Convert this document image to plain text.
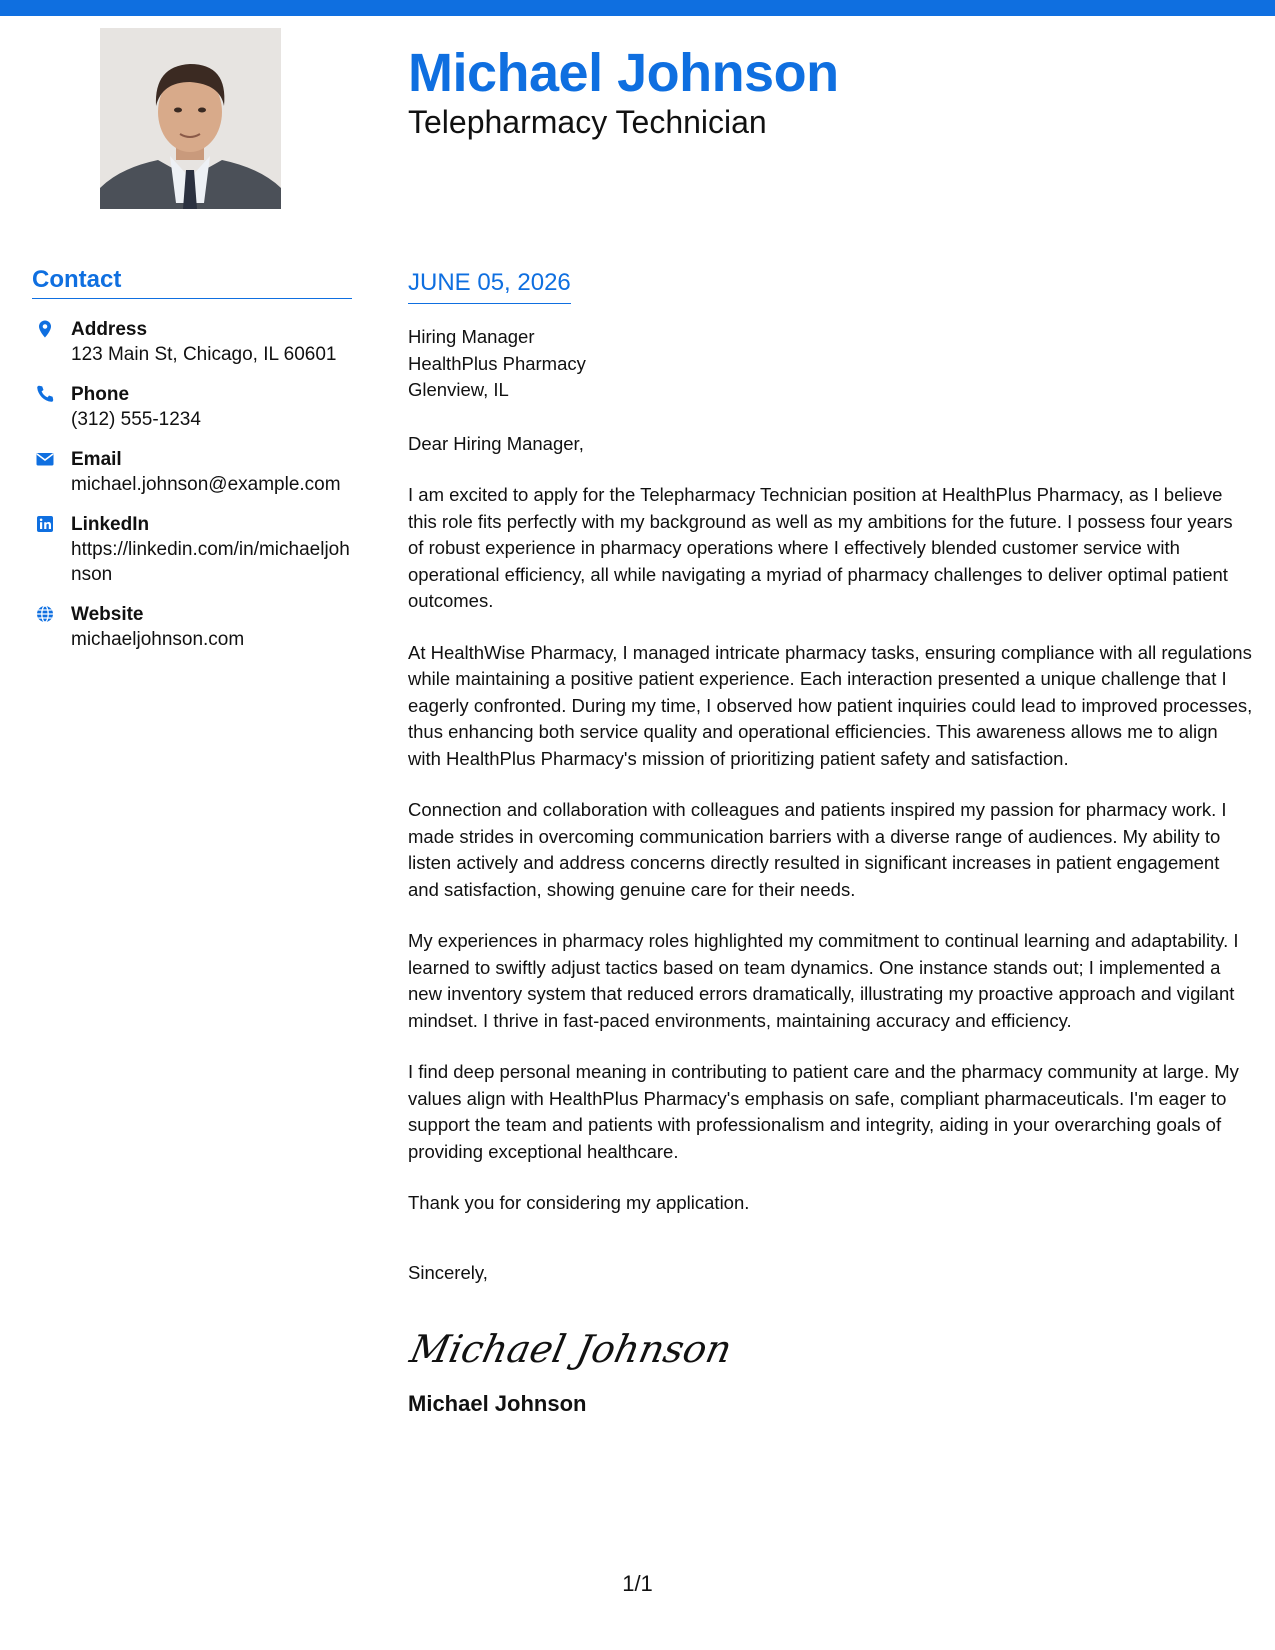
Michael Johnson
Telepharmacy Technician
Contact
Address
123 Main St, Chicago, IL 60601
Phone
(312) 555-1234
Email
michael.johnson@example.com
LinkedIn
https://linkedin.com/in/michaeljohnson
Website
michaeljohnson.com
JUNE 05, 2026
Hiring Manager
HealthPlus Pharmacy
Glenview, IL
Dear Hiring Manager,

I am excited to apply for the Telepharmacy Technician position at HealthPlus Pharmacy, as I believe this role fits perfectly with my background as well as my ambitions for the future. I possess four years of robust experience in pharmacy operations where I effectively blended customer service with operational efficiency, all while navigating a myriad of pharmacy challenges to deliver optimal patient outcomes.

At HealthWise Pharmacy, I managed intricate pharmacy tasks, ensuring compliance with all regulations while maintaining a positive patient experience. Each interaction presented a unique challenge that I eagerly confronted. During my time, I observed how patient inquiries could lead to improved processes, thus enhancing both service quality and operational efficiencies. This awareness allows me to align with HealthPlus Pharmacy's mission of prioritizing patient safety and satisfaction.

Connection and collaboration with colleagues and patients inspired my passion for pharmacy work. I made strides in overcoming communication barriers with a diverse range of audiences. My ability to listen actively and address concerns directly resulted in significant increases in patient engagement and satisfaction, showing genuine care for their needs.

My experiences in pharmacy roles highlighted my commitment to continual learning and adaptability. I learned to swiftly adjust tactics based on team dynamics. One instance stands out; I implemented a new inventory system that reduced errors dramatically, illustrating my proactive approach and vigilant mindset. I thrive in fast-paced environments, maintaining accuracy and efficiency.

I find deep personal meaning in contributing to patient care and the pharmacy community at large. My values align with HealthPlus Pharmacy's emphasis on safe, compliant pharmaceuticals. I'm eager to support the team and patients with professionalism and integrity, aiding in your overarching goals of providing exceptional healthcare.

Thank you for considering my application.

Sincerely,
Michael Johnson
Michael Johnson
1/1
